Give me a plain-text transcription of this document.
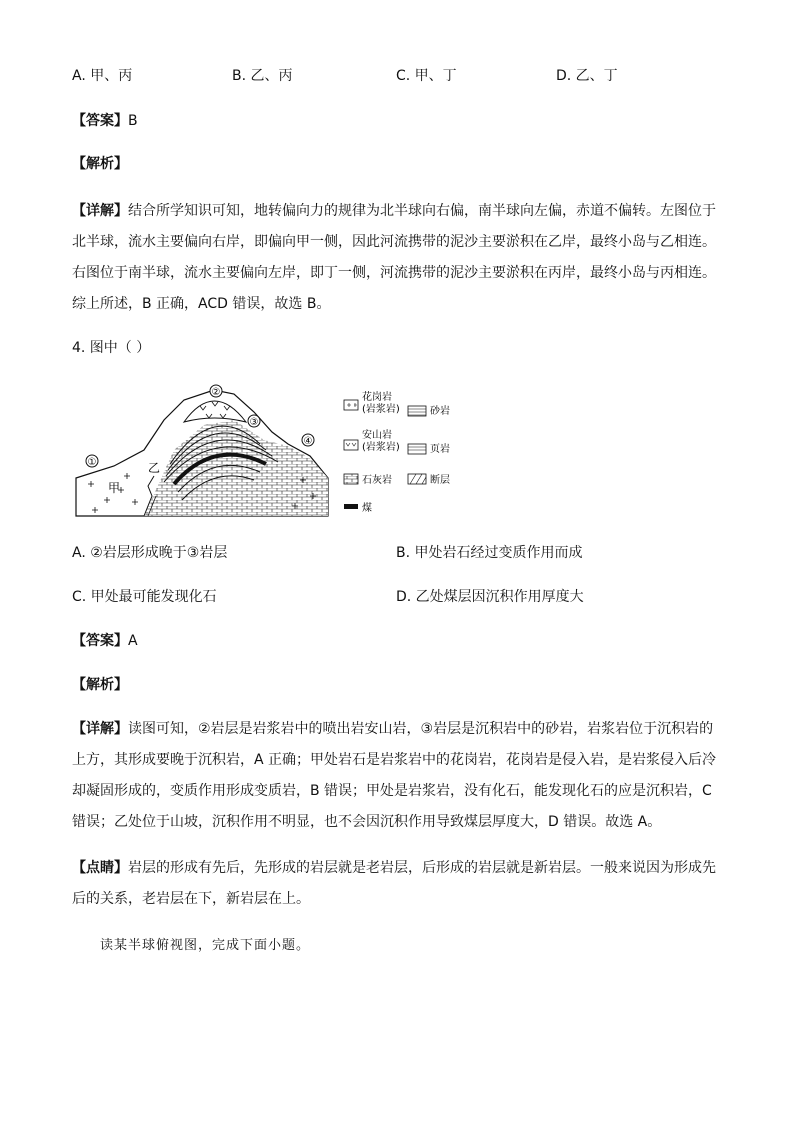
A. 甲、丙	B. 乙、丙	C. 甲、丁	D. 乙、丁
【答案】B
【解析】

【详解】结合所学知识可知，地转偏向力的规律为北半球向右偏，南半球向左偏，赤道不偏转。左图位于

北半球，流水主要偏向右岸，即偏向甲一侧，因此河流携带的泥沙主要淤积在乙岸，最终小岛与乙相连。

右图位于南半球，流水主要偏向左岸，即丁一侧，河流携带的泥沙主要淤积在丙岸，最终小岛与丙相连。

综上所述，B 正确，ACD 错误，故选 B。

4. 图中（ ）
①
②
③
④
甲
乙
花岗岩
(岩浆岩)	砂岩
安山岩
(岩浆岩)	页岩
石灰岩	断层
煤
A. ②岩层形成晚于③岩层	B. 甲处岩石经过变质作用而成
C. 甲处最可能发现化石	D. 乙处煤层因沉积作用厚度大
【答案】A
【解析】

【详解】读图可知，②岩层是岩浆岩中的喷出岩安山岩，③岩层是沉积岩中的砂岩，岩浆岩位于沉积岩的

上方，其形成要晚于沉积岩，A 正确；甲处岩石是岩浆岩中的花岗岩，花岗岩是侵入岩，是岩浆侵入后冷

却凝固形成的，变质作用形成变质岩，B 错误；甲处是岩浆岩，没有化石，能发现化石的应是沉积岩，C

错误；乙处位于山坡，沉积作用不明显，也不会因沉积作用导致煤层厚度大，D 错误。故选 A。

【点睛】岩层的形成有先后，先形成的岩层就是老岩层，后形成的岩层就是新岩层。一般来说因为形成先

后的关系，老岩层在下，新岩层在上。

读某半球俯视图，完成下面小题。
